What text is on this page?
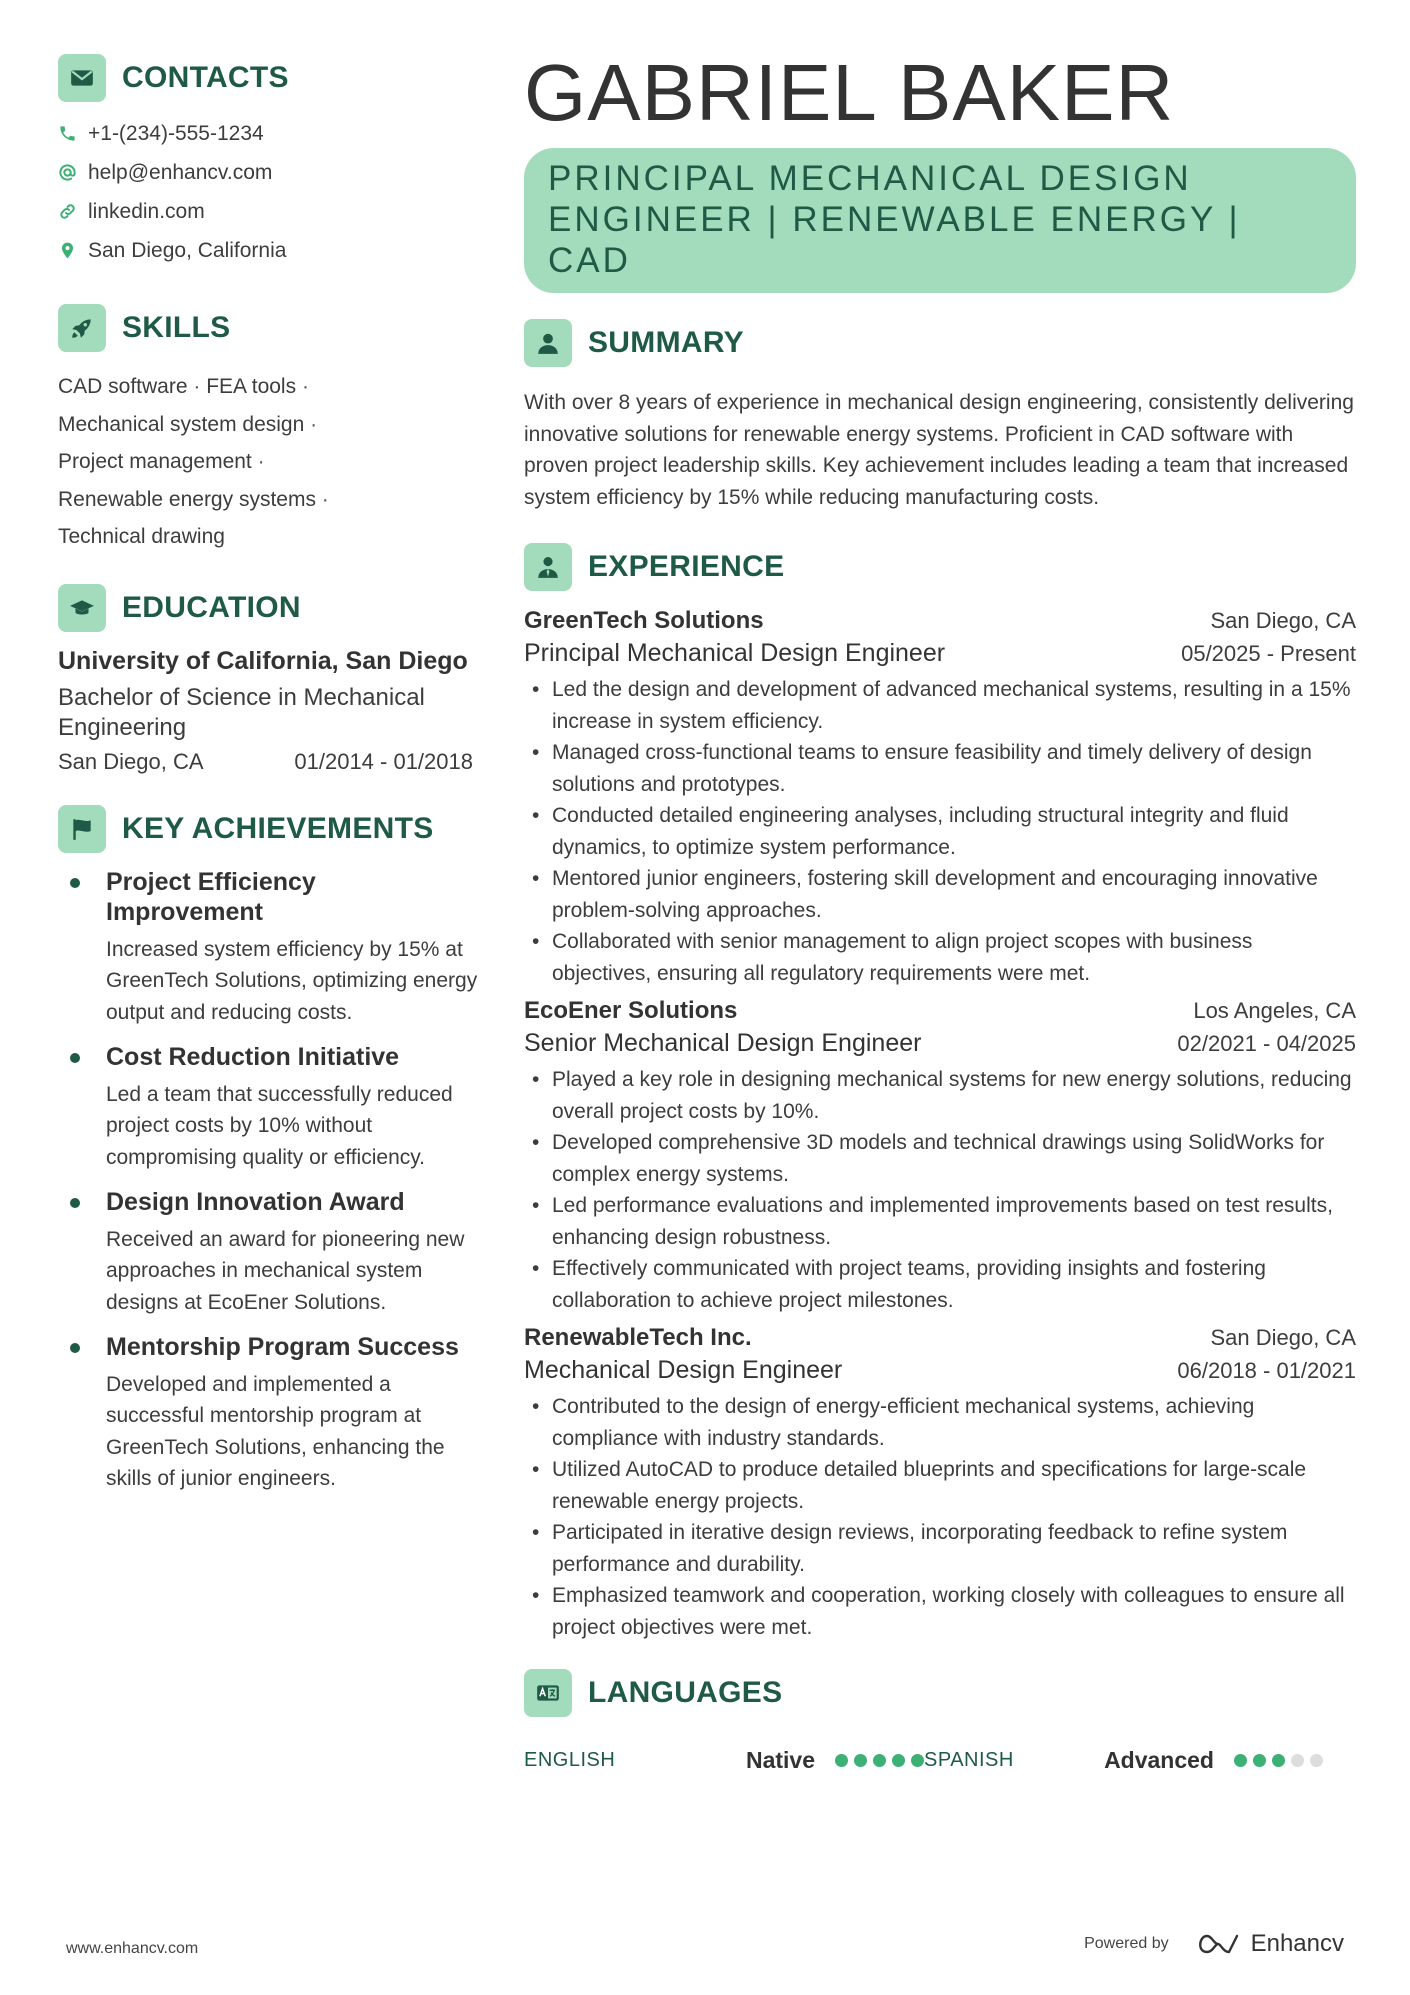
CONTACTS
+1-(234)-555-1234
help@enhancv.com
linkedin.com
San Diego, California
SKILLS
CAD software · FEA tools ·
Mechanical system design ·
Project management ·
Renewable energy systems ·
Technical drawing
EDUCATION
University of California, San Diego
Bachelor of Science in Mechanical Engineering
San Diego, CA	01/2014 - 01/2018
KEY ACHIEVEMENTS
Project Efficiency Improvement
Increased system efficiency by 15% at GreenTech Solutions, optimizing energy output and reducing costs.
Cost Reduction Initiative
Led a team that successfully reduced project costs by 10% without compromising quality or efficiency.
Design Innovation Award
Received an award for pioneering new approaches in mechanical system designs at EcoEner Solutions.
Mentorship Program Success
Developed and implemented a successful mentorship program at GreenTech Solutions, enhancing the skills of junior engineers.
GABRIEL BAKER
PRINCIPAL MECHANICAL DESIGN ENGINEER | RENEWABLE ENERGY | CAD
SUMMARY
With over 8 years of experience in mechanical design engineering, consistently delivering innovative solutions for renewable energy systems. Proficient in CAD software with proven project leadership skills. Key achievement includes leading a team that increased system efficiency by 15% while reducing manufacturing costs.
EXPERIENCE
GreenTech Solutions	San Diego, CA
Principal Mechanical Design Engineer	05/2025 - Present
• Led the design and development of advanced mechanical systems, resulting in a 15% increase in system efficiency.
• Managed cross-functional teams to ensure feasibility and timely delivery of design solutions and prototypes.
• Conducted detailed engineering analyses, including structural integrity and fluid dynamics, to optimize system performance.
• Mentored junior engineers, fostering skill development and encouraging innovative problem-solving approaches.
• Collaborated with senior management to align project scopes with business objectives, ensuring all regulatory requirements were met.
EcoEner Solutions	Los Angeles, CA
Senior Mechanical Design Engineer	02/2021 - 04/2025
• Played a key role in designing mechanical systems for new energy solutions, reducing overall project costs by 10%.
• Developed comprehensive 3D models and technical drawings using SolidWorks for complex energy systems.
• Led performance evaluations and implemented improvements based on test results, enhancing design robustness.
• Effectively communicated with project teams, providing insights and fostering collaboration to achieve project milestones.
RenewableTech Inc.	San Diego, CA
Mechanical Design Engineer	06/2018 - 01/2021
• Contributed to the design of energy-efficient mechanical systems, achieving compliance with industry standards.
• Utilized AutoCAD to produce detailed blueprints and specifications for large-scale renewable energy projects.
• Participated in iterative design reviews, incorporating feedback to refine system performance and durability.
• Emphasized teamwork and cooperation, working closely with colleagues to ensure all project objectives were met.
LANGUAGES
ENGLISH	Native	SPANISH	Advanced
www.enhancv.com	Powered by	Enhancv
